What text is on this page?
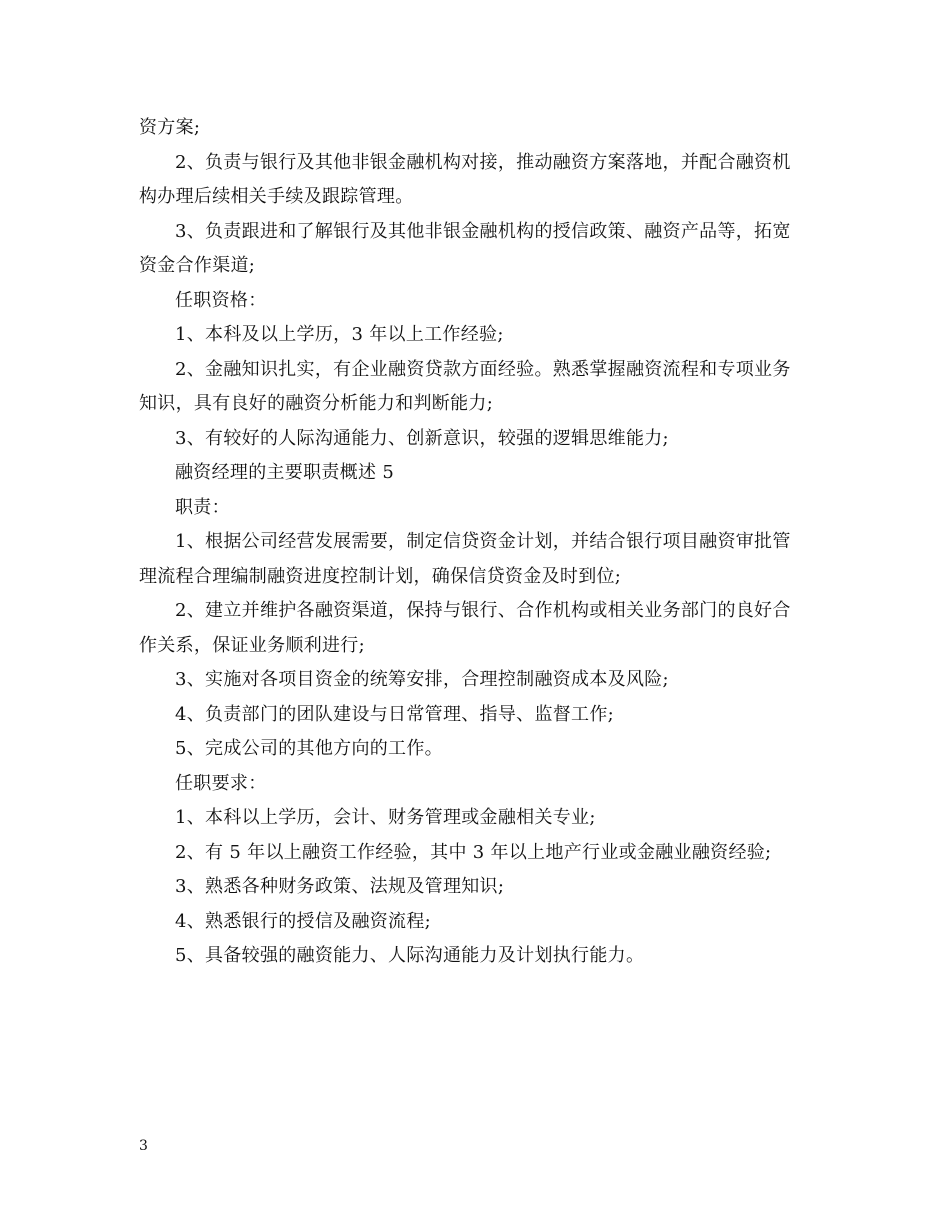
资方案;
2、负责与银行及其他非银金融机构对接，推动融资方案落地，并配合融资机
构办理后续相关手续及跟踪管理。
3、负责跟进和了解银行及其他非银金融机构的授信政策、融资产品等，拓宽
资金合作渠道;
任职资格：
1、本科及以上学历，3 年以上工作经验;
2、金融知识扎实，有企业融资贷款方面经验。熟悉掌握融资流程和专项业务
知识，具有良好的融资分析能力和判断能力;
3、有较好的人际沟通能力、创新意识，较强的逻辑思维能力;
融资经理的主要职责概述 5
职责：
1、根据公司经营发展需要，制定信贷资金计划，并结合银行项目融资审批管
理流程合理编制融资进度控制计划，确保信贷资金及时到位;
2、建立并维护各融资渠道，保持与银行、合作机构或相关业务部门的良好合
作关系，保证业务顺利进行;
3、实施对各项目资金的统筹安排，合理控制融资成本及风险;
4、负责部门的团队建设与日常管理、指导、监督工作;
5、完成公司的其他方向的工作。
任职要求：
1、本科以上学历，会计、财务管理或金融相关专业;
2、有 5 年以上融资工作经验，其中 3 年以上地产行业或金融业融资经验;
3、熟悉各种财务政策、法规及管理知识;
4、熟悉银行的授信及融资流程;
5、具备较强的融资能力、人际沟通能力及计划执行能力。
3
